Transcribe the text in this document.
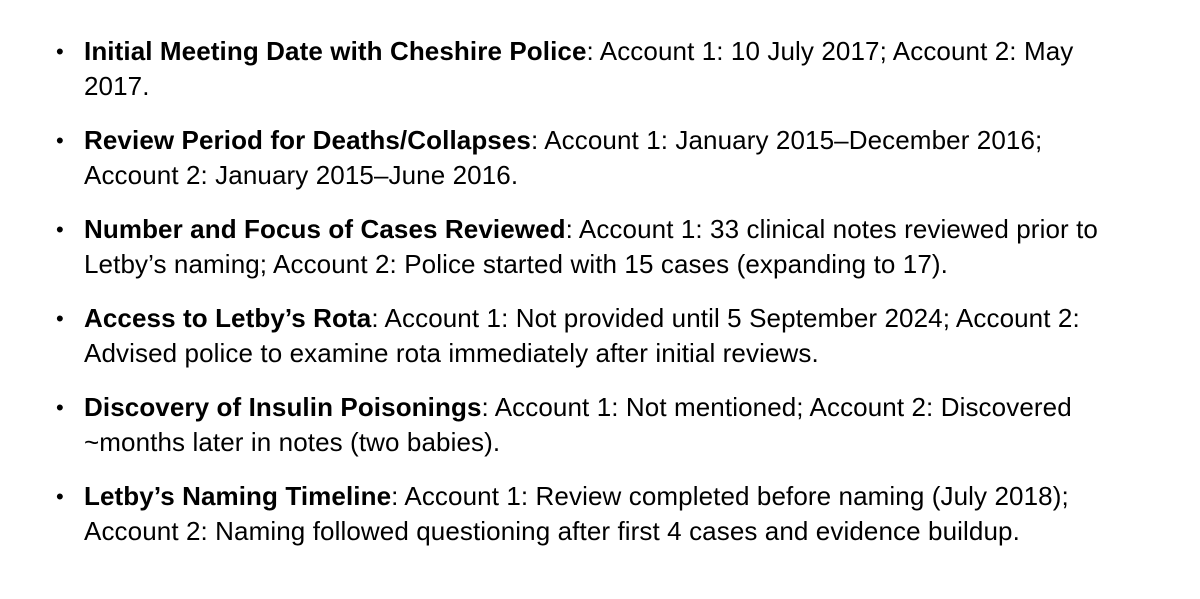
• Initial Meeting Date with Cheshire Police: Account 1: 10 July 2017; Account 2: May 2017.
• Review Period for Deaths/Collapses: Account 1: January 2015–December 2016; Account 2: January 2015–June 2016.
• Number and Focus of Cases Reviewed: Account 1: 33 clinical notes reviewed prior to Letby’s naming; Account 2: Police started with 15 cases (expanding to 17).
• Access to Letby’s Rota: Account 1: Not provided until 5 September 2024; Account 2: Advised police to examine rota immediately after initial reviews.
• Discovery of Insulin Poisonings: Account 1: Not mentioned; Account 2: Discovered ~months later in notes (two babies).
• Letby’s Naming Timeline: Account 1: Review completed before naming (July 2018); Account 2: Naming followed questioning after first 4 cases and evidence buildup.
